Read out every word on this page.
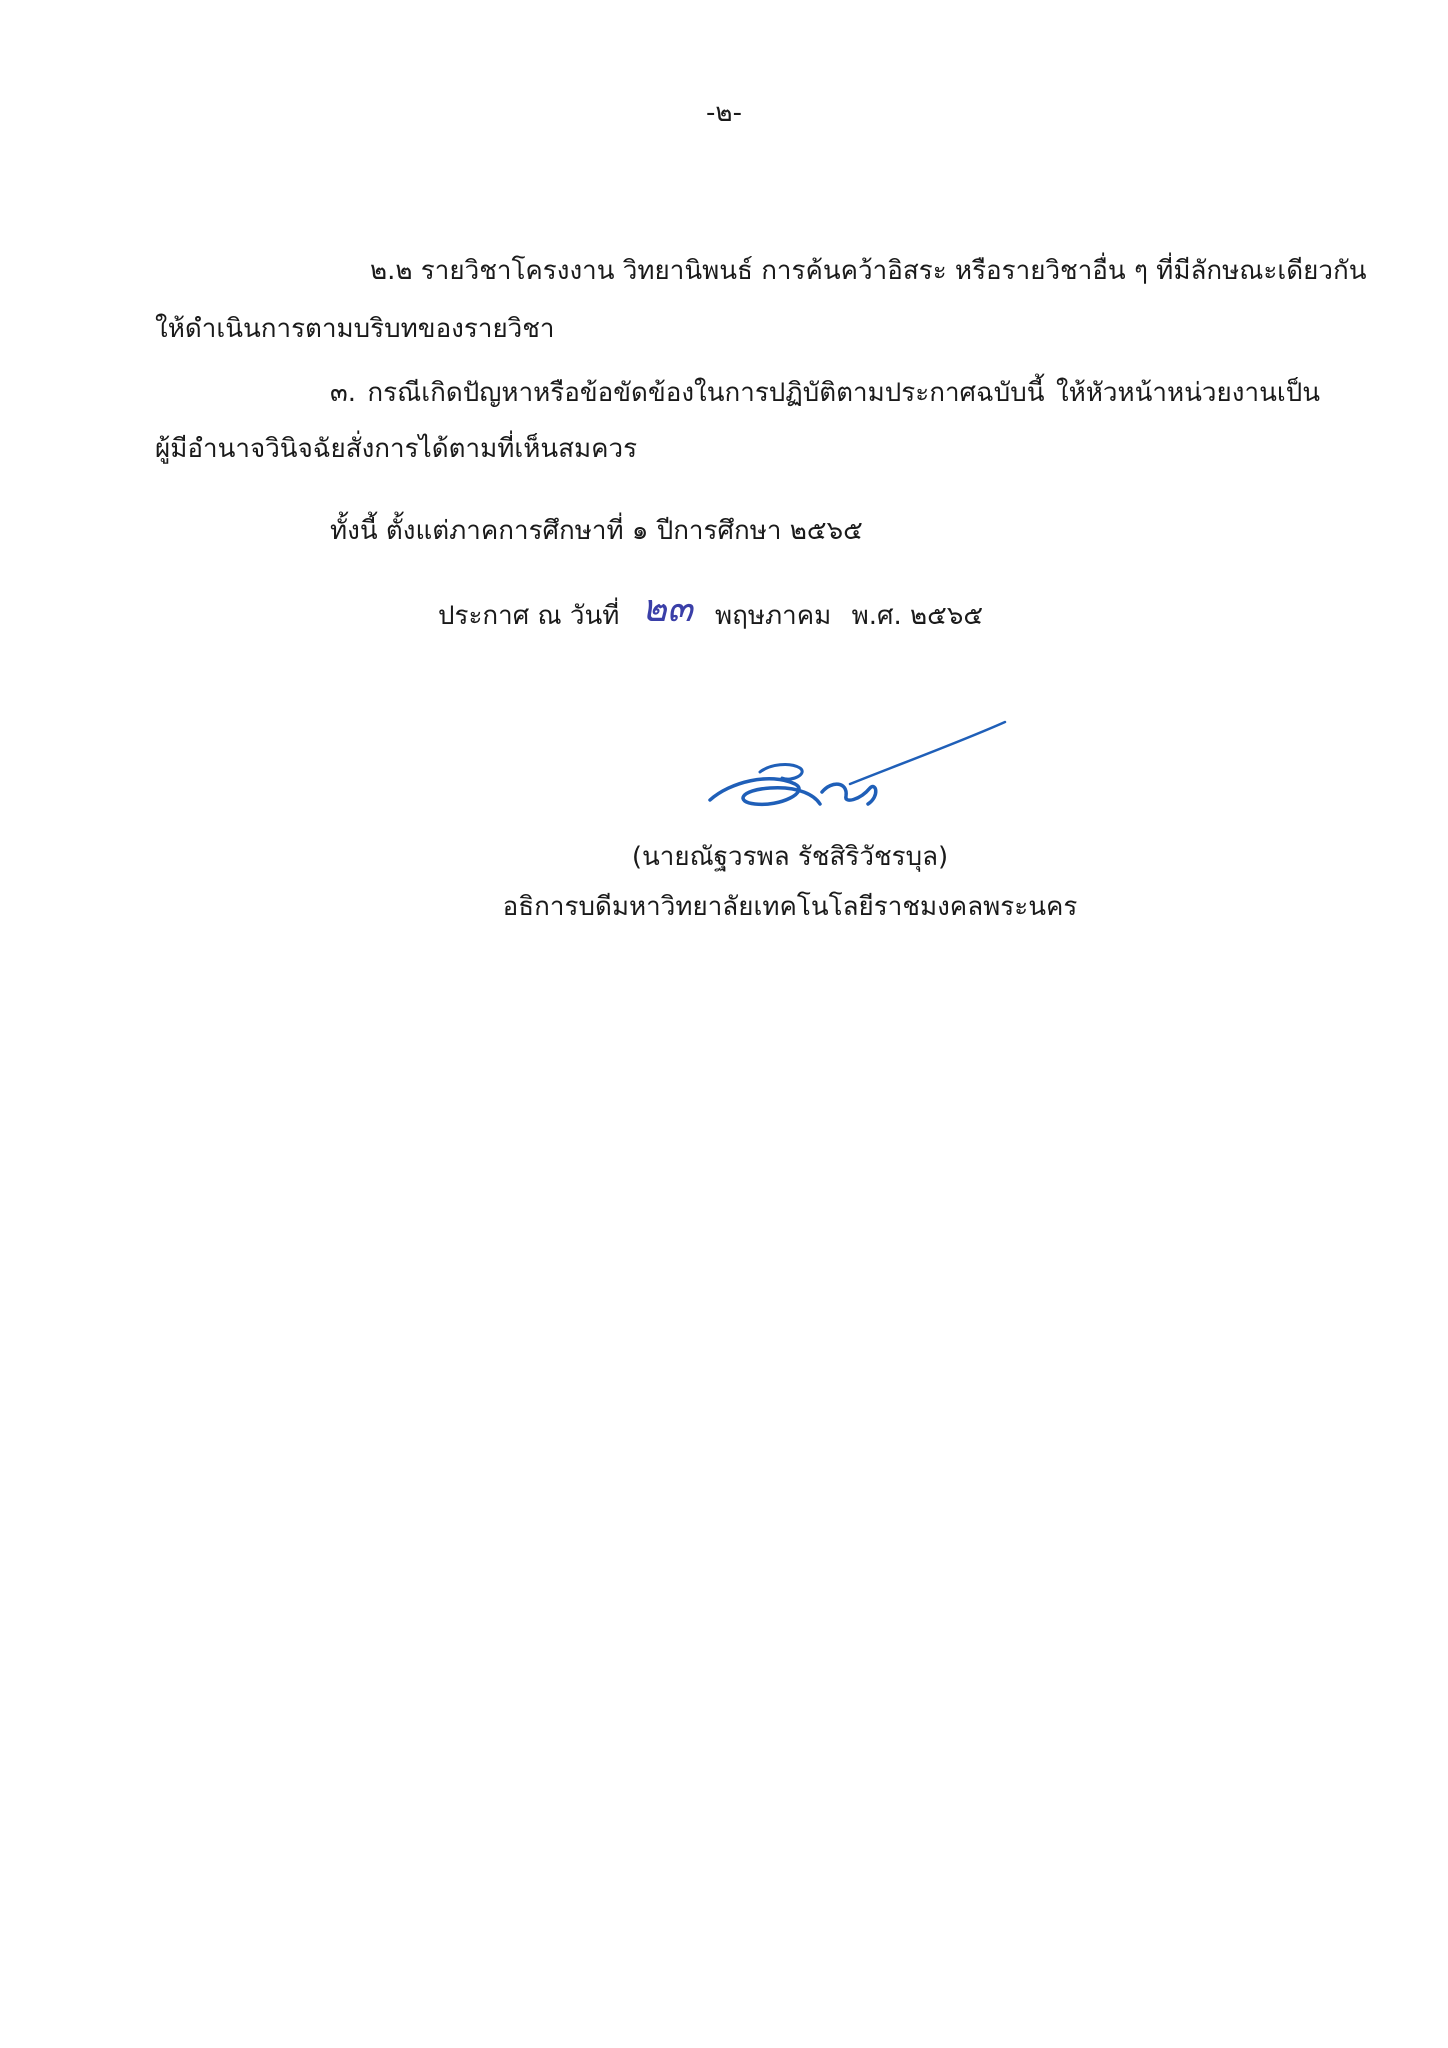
-๒-
๒.๒ รายวิชาโครงงาน วิทยานิพนธ์ การค้นคว้าอิสระ หรือรายวิชาอื่น ๆ ที่มีลักษณะเดียวกัน
ให้ดำเนินการตามบริบทของรายวิชา
๓. กรณีเกิดปัญหาหรือข้อขัดข้องในการปฏิบัติตามประกาศฉบับนี้ ให้หัวหน้าหน่วยงานเป็น
ผู้มีอำนาจวินิจฉัยสั่งการได้ตามที่เห็นสมควร
ทั้งนี้ ตั้งแต่ภาคการศึกษาที่ ๑ ปีการศึกษา ๒๕๖๕
ประกาศ ณ วันที่ ๒๓ พฤษภาคม พ.ศ. ๒๕๖๕
(นายณัฐวรพล รัชสิริวัชรบุล)
อธิการบดีมหาวิทยาลัยเทคโนโลยีราชมงคลพระนคร
